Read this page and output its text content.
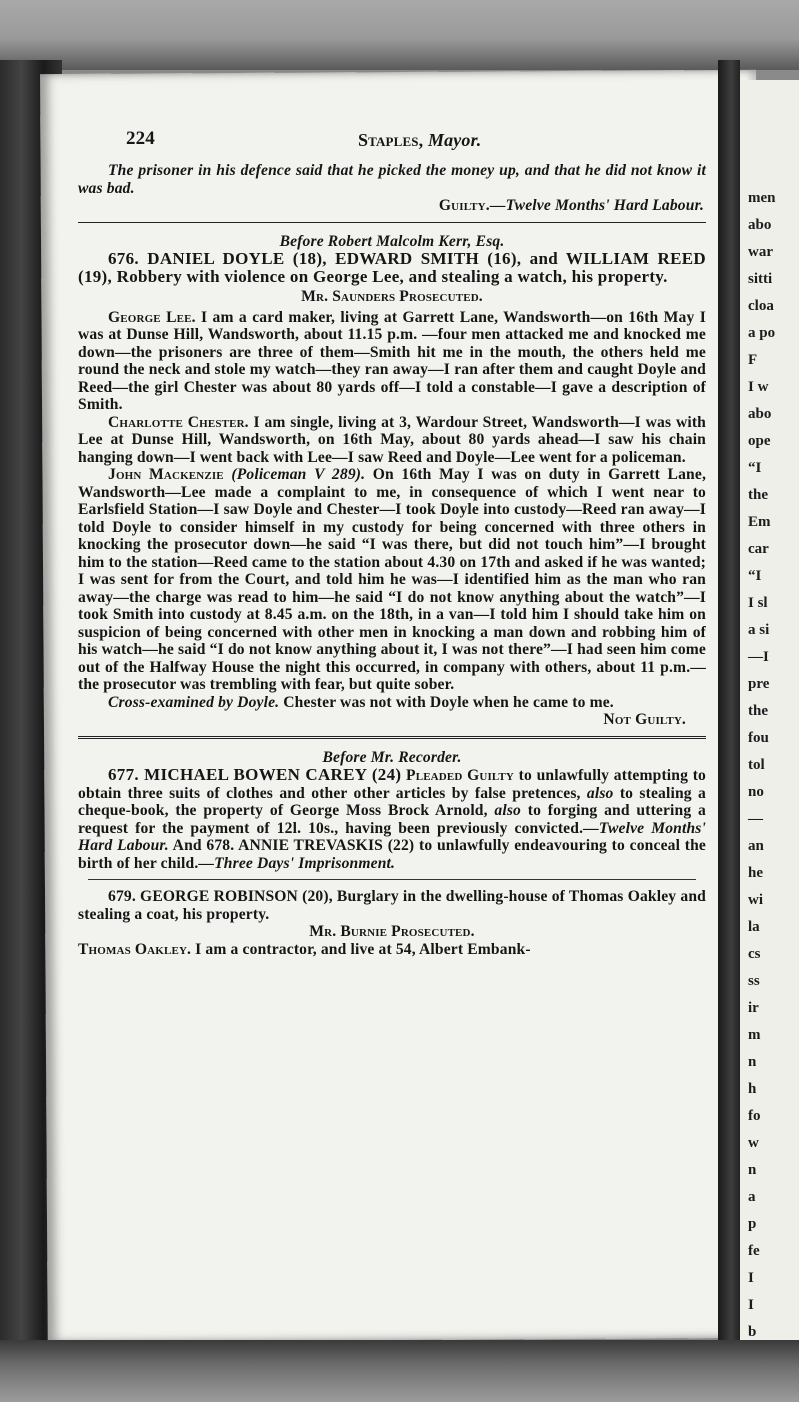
men
abo
war
sitti
cloa
a po
F
I w
abo
ope
“I
the
Em
car
“I
I sl
a si
—I
pre
the
fou
tol
no
—
an
he
wi
la
cs
ss
ir
m
n
h
fo
w
n
a
p
fe
I
I
b
224	Staples, Mayor.

The prisoner in his defence said that he picked the money up, and that he did not know it was bad.

Guilty.—Twelve Months' Hard Labour.

Before Robert Malcolm Kerr, Esq.

676. DANIEL DOYLE (18), EDWARD SMITH (16), and WILLIAM REED (19), Robbery with violence on George Lee, and stealing a watch, his property.

Mr. Saunders Prosecuted.

George Lee. I am a card maker, living at Garrett Lane, Wandsworth—on 16th May I was at Dunse Hill, Wandsworth, about 11.15 p.m. —four men attacked me and knocked me down—the prisoners are three of them—Smith hit me in the mouth, the others held me round the neck and stole my watch—they ran away—I ran after them and caught Doyle and Reed—the girl Chester was about 80 yards off—I told a constable—I gave a description of Smith.

Charlotte Chester. I am single, living at 3, Wardour Street, Wandsworth—I was with Lee at Dunse Hill, Wandsworth, on 16th May, about 80 yards ahead—I saw his chain hanging down—I went back with Lee—I saw Reed and Doyle—Lee went for a policeman.

John Mackenzie (Policeman V 289). On 16th May I was on duty in Garrett Lane, Wandsworth—Lee made a complaint to me, in consequence of which I went near to Earlsfield Station—I saw Doyle and Chester—I took Doyle into custody—Reed ran away—I told Doyle to consider himself in my custody for being concerned with three others in knocking the prosecutor down—he said “I was there, but did not touch him”—I brought him to the station—Reed came to the station about 4.30 on 17th and asked if he was wanted; I was sent for from the Court, and told him he was—I identified him as the man who ran away—the charge was read to him—he said “I do not know anything about the watch”—I took Smith into custody at 8.45 a.m. on the 18th, in a van—I told him I should take him on suspicion of being concerned with other men in knocking a man down and robbing him of his watch—he said “I do not know anything about it, I was not there”—I had seen him come out of the Halfway House the night this occurred, in company with others, about 11 p.m.—the prosecutor was trembling with fear, but quite sober.

Cross-examined by Doyle. Chester was not with Doyle when he came to me.

Not Guilty.

Before Mr. Recorder.

677. MICHAEL BOWEN CAREY (24) Pleaded Guilty to unlawfully attempting to obtain three suits of clothes and other other articles by false pretences, also to stealing a cheque-book, the property of George Moss Brock Arnold, also to forging and uttering a request for the payment of 12l. 10s., having been previously convicted.—Twelve Months' Hard Labour. And 678. ANNIE TREVASKIS (22) to unlawfully endeavouring to conceal the birth of her child.—Three Days' Imprisonment.

679. GEORGE ROBINSON (20), Burglary in the dwelling-house of Thomas Oakley and stealing a coat, his property.

Mr. Burnie Prosecuted.

Thomas Oakley. I am a contractor, and live at 54, Albert Embank-
